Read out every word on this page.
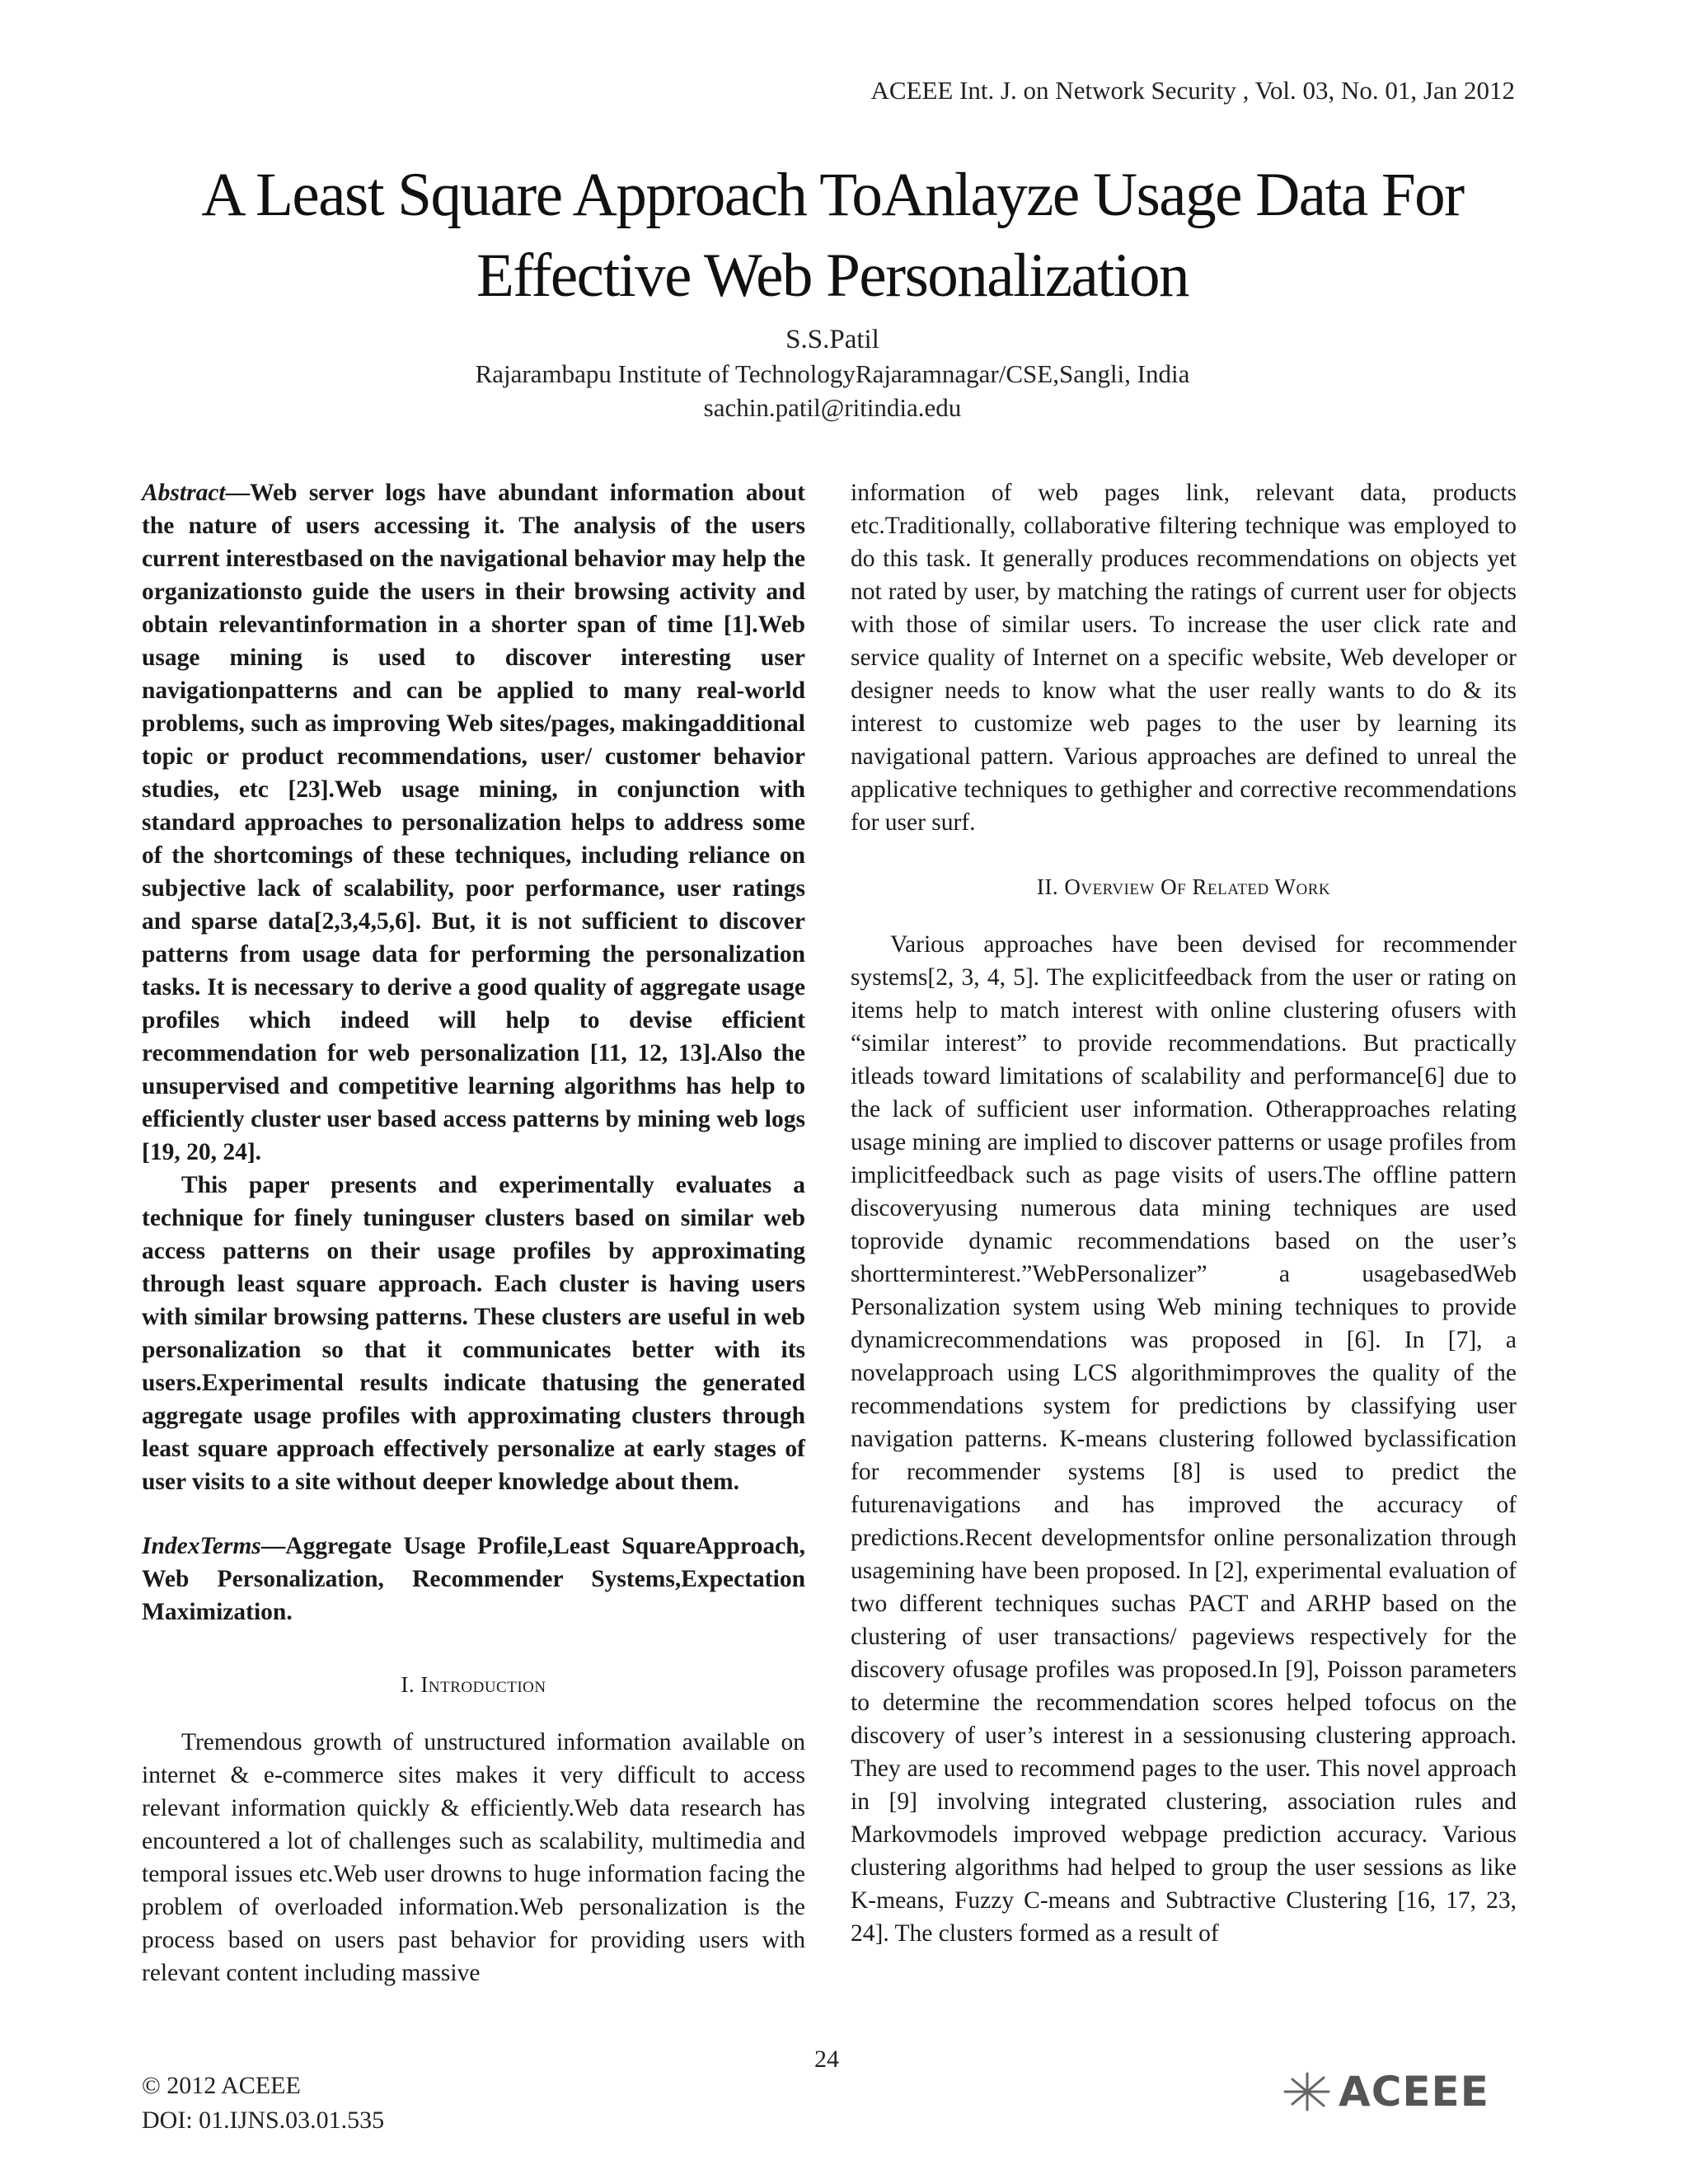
ACEEE Int. J. on Network Security , Vol. 03, No. 01, Jan 2012
A Least Square Approach ToAnlayze Usage Data For
Effective Web Personalization
S.S.Patil
Rajarambapu Institute of TechnologyRajaramnagar/CSE,Sangli, India
sachin.patil@ritindia.edu

Abstract—Web server logs have abundant information about the nature of users accessing it. The analysis of the users current interestbased on the navigational behavior may help the organizationsto guide the users in their browsing activity and obtain relevantinformation in a shorter span of time [1].Web usage mining is used to discover interesting user navigationpatterns and can be applied to many real-world problems, such as improving Web sites/pages, makingadditional topic or product recommendations, user/ customer behavior studies, etc [23].Web usage mining, in conjunction with standard approaches to personalization helps to address some of the shortcomings of these techniques, including reliance on subjective lack of scalability, poor performance, user ratings and sparse data[2,3,4,5,6]. But, it is not sufficient to discover patterns from usage data for performing the personalization tasks. It is necessary to derive a good quality of aggregate usage profiles which indeed will help to devise efficient recommendation for web personalization [11, 12, 13].Also the unsupervised and competitive learning algorithms has help to efficiently cluster user based access patterns by mining web logs [19, 20, 24].

This paper presents and experimentally evaluates a technique for finely tuninguser clusters based on similar web access patterns on their usage profiles by approximating through least square approach. Each cluster is having users with similar browsing patterns. These clusters are useful in web personalization so that it communicates better with its users.Experimental results indicate thatusing the generated aggregate usage profiles with approximating clusters through least square approach effectively personalize at early stages of user visits to a site without deeper knowledge about them.

IndexTerms—Aggregate Usage Profile,Least SquareApproach, Web Personalization, Recommender Systems,Expectation Maximization.

I. Introduction

Tremendous growth of unstructured information available on internet & e-commerce sites makes it very difficult to access relevant information quickly & efficiently.Web data research has encountered a lot of challenges such as scalability, multimedia and temporal issues etc.Web user drowns to huge information facing the problem of overloaded information.Web personalization is the process based on users past behavior for providing users with relevant content including massive

information of web pages link, relevant data, products etc.Traditionally, collaborative filtering technique was employed to do this task. It generally produces recommendations on objects yet not rated by user, by matching the ratings of current user for objects with those of similar users. To increase the user click rate and service quality of Internet on a specific website, Web developer or designer needs to know what the user really wants to do & its interest to customize web pages to the user by learning its navigational pattern. Various approaches are defined to unreal the applicative techniques to gethigher and corrective recommendations for user surf.

II. Overview Of Related Work

Various approaches have been devised for recommender systems[2, 3, 4, 5]. The explicitfeedback from the user or rating on items help to match interest with online clustering ofusers with “similar interest” to provide recommendations. But practically itleads toward limitations of scalability and performance[6] due to the lack of sufficient user information. Otherapproaches relating usage mining are implied to discover patterns or usage profiles from implicitfeedback such as page visits of users.The offline pattern discoveryusing numerous data mining techniques are used toprovide dynamic recommendations based on the user’s shortterminterest.”WebPersonalizer” a usagebasedWeb Personalization system using Web mining techniques to provide dynamicrecommendations was proposed in [6]. In [7], a novelapproach using LCS algorithmimproves the quality of the recommendations system for predictions by classifying user navigation patterns. K-means clustering followed byclassification for recommender systems [8] is used to predict the futurenavigations and has improved the accuracy of predictions.Recent developmentsfor online personalization through usagemining have been proposed. In [2], experimental evaluation of two different techniques suchas PACT and ARHP based on the clustering of user transactions/ pageviews respectively for the discovery ofusage profiles was proposed.In [9], Poisson parameters to determine the recommendation scores helped tofocus on the discovery of user’s interest in a sessionusing clustering approach. They are used to recommend pages to the user. This novel approach in [9] involving integrated clustering, association rules and Markovmodels improved webpage prediction accuracy. Various clustering algorithms had helped to group the user sessions as like K-means, Fuzzy C-means and Subtractive Clustering [16, 17, 23, 24]. The clusters formed as a result of

24
© 2012 ACEEE
DOI: 01.IJNS.03.01.535
ACEEE
